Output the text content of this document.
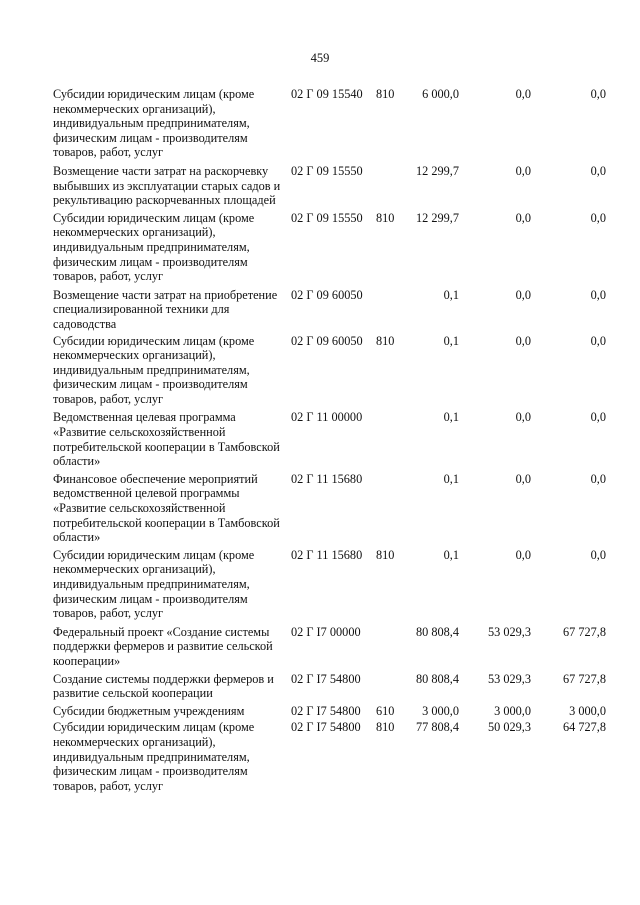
459
Субсидии юридическим лицам (кроме некоммерческих организаций), индивидуальным предпринимателям, физическим лицам - производителям товаров, работ, услуг	02 Г 09 15540	810	6 000,0	0,0	0,0

Возмещение части затрат на раскорчевку выбывших из эксплуатации старых садов и рекультивацию раскорчеванных площадей	02 Г 09 15550		12 299,7	0,0	0,0

Субсидии юридическим лицам (кроме некоммерческих организаций), индивидуальным предпринимателям, физическим лицам - производителям товаров, работ, услуг	02 Г 09 15550	810	12 299,7	0,0	0,0

Возмещение части затрат на приобретение специализированной техники для садоводства	02 Г 09 60050		0,1	0,0	0,0

Субсидии юридическим лицам (кроме некоммерческих организаций), индивидуальным предпринимателям, физическим лицам - производителям товаров, работ, услуг	02 Г 09 60050	810	0,1	0,0	0,0

Ведомственная целевая программа «Развитие сельскохозяйственной потребительской кооперации в Тамбовской области»	02 Г 11 00000		0,1	0,0	0,0

Финансовое обеспечение мероприятий ведомственной целевой программы «Развитие сельскохозяйственной потребительской кооперации в Тамбовской области»	02 Г 11 15680		0,1	0,0	0,0

Субсидии юридическим лицам (кроме некоммерческих организаций), индивидуальным предпринимателям, физическим лицам - производителям товаров, работ, услуг	02 Г 11 15680	810	0,1	0,0	0,0

Федеральный проект «Создание системы поддержки фермеров и развитие сельской кооперации»	02 Г I7 00000		80 808,4	53 029,3	67 727,8

Создание системы поддержки фермеров и развитие сельской кооперации	02 Г I7 54800		80 808,4	53 029,3	67 727,8

Субсидии бюджетным учреждениям	02 Г I7 54800	610	3 000,0	3 000,0	3 000,0

Субсидии юридическим лицам (кроме некоммерческих организаций), индивидуальным предпринимателям, физическим лицам - производителям товаров, работ, услуг	02 Г I7 54800	810	77 808,4	50 029,3	64 727,8
